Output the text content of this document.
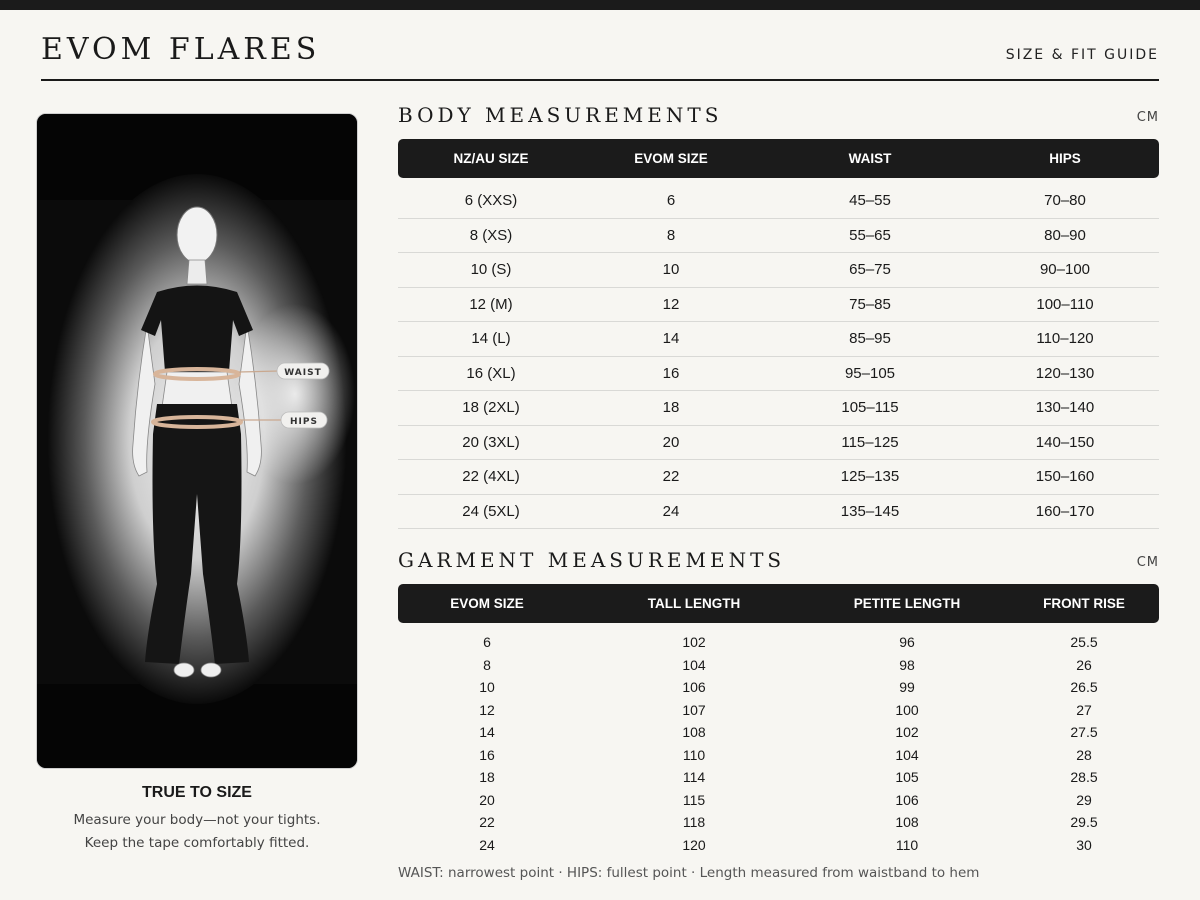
EVOM FLARES	SIZE & FIT GUIDE
WAIST
HIPS
TRUE TO SIZE
Measure your body—not your tights.
Keep the tape comfortably fitted.
BODY MEASUREMENTS	CM
NZ/AU SIZE	EVOM SIZE	WAIST	HIPS
6 (XXS)	6	45–55	70–80
8 (XS)	8	55–65	80–90
10 (S)	10	65–75	90–100
12 (M)	12	75–85	100–110
14 (L)	14	85–95	110–120
16 (XL)	16	95–105	120–130
18 (2XL)	18	105–115	130–140
20 (3XL)	20	115–125	140–150
22 (4XL)	22	125–135	150–160
24 (5XL)	24	135–145	160–170
GARMENT MEASUREMENTS	CM
EVOM SIZE	TALL LENGTH	PETITE LENGTH	FRONT RISE
6	102	96	25.5
8	104	98	26
10	106	99	26.5
12	107	100	27
14	108	102	27.5
16	110	104	28
18	114	105	28.5
20	115	106	29
22	118	108	29.5
24	120	110	30
WAIST: narrowest point · HIPS: fullest point · Length measured from waistband to hem
